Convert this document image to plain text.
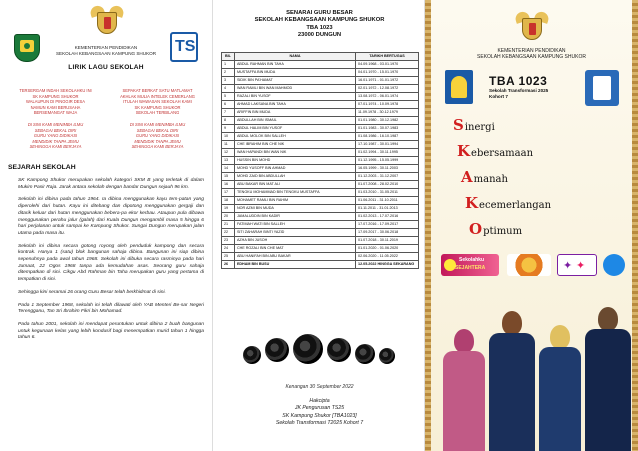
TS
KEMENTERIAN PENDIDIKAN
SEKOLAH KEBANGSAAN KAMPUNG SHUKOR
LIRIK LAGU SEKOLAH
TERSERGAM INDAH SEKOLAHKU INI
SK KAMPUNG SHUKOR
WALAUPUN DI PINGGIR DESA
NAMUN KAMI BERUSAHA
BERSEMANGAT WAJA
DI SINI KAMI MENIMBA ILMU
SEBAGAI BEKAL DIRI
GURU YANG DIDIKASI
MENDIDIK TANPA JEMU
SEHINGGA KAMI BERJAYA
SEPAKAT BERKAT SATU MATLAMAT
AKHLAK MULIA INTELEK CEMERLANG
ITULAH WAWASAN SEKOLAH KAMI
SK KAMPUNG SHUKOR
SEKOLAH TERBILANG
DI SINI KAMI MENIMBA ILMU
SEBAGAI BEKAL DIRI
GURU YANG DIDIKASI
MENDIDIK TANPA JEMU
SEHINGGA KAMI BERJAYA
SEJARAH SEKOLAH

SK Kampong Shukor merupakan sekolah kategori SKM B yang terletak di dalam Mukim Pasir Raja. Jarak antara sekolah dengan bandar Dungun sejauh 96 km.

Sekolah ini dibina pada tahun 1964. Ia dibina menggunakan kayu tem-patan yang diperolehi dari hutan. Kayu ini ditebang dan dipotong menggunakan gergaji dan ditarik keluar dari hutan menggunakan bebera-pa ekor kerbau. Ataupun pula dibawa menggunakan perahu jalur (galah) dari Kuala Dungun mengambil masa 5 hingga 6 hari perjalanan untuk sampai ke Kampung Shukor. Sungai Dungun merupakan jalan utama pada masa itu.

Sekolah ini dibina secara gotong royong oleh penduduk kampong dan secara kontrak. Hanya 1 (satu) blok bangunan sahaja dibina. Bangunan ini siap dibina sepenuhnya pada awal tahun 1968. Sekolah ini dibuka secara rasminya pada hari Jumaat, 22 Ogos 1968 tanpa ada kemudahan asas. Seorang guru sahaja ditempatkan di sini. Cikgu Abd Rahman bin Taha merupakan guru yang pertama di tempatkan di sini.

Sehingga kini seramai 26 orang Guru Besar telah berkhidmat di sini.

Pada 1 September 1968, sekolah ini telah dilawati oleh YAB Menteri Be-sar Negeri Terengganu, Tan Sri Ibrahim Fikri bin Mohamad.

Pada tahun 2001, sekolah ini mendapat peruntukan untuk dibina 2 buah bangunan untuk kegunaan kelas yang lebih kondusif bagi menempatkan murid tahun 1 hingga tahun 6.

SENARAI GURU BESAR
SEKOLAH KEBANGSAAN KAMPUNG SHUKOR
TBA 1023
23000 DUNGUN
BIL	NAMA	TARIKH BERTUGAS
1	ABDUL RAHMAN BIN TAHA	04.09.1968 - 03.01.1970
2	MUSTAFFA BIN MUDA	04.01.1970 - 15.01.1970
3	SIDIK BIN PA'HAMAT	16.01.1971 - 01.01.1972
4	WAN RAMLI BIN WAN MAHMOD	02.01.1972 - 12.08.1972
5	RAZALI BIN YUSOF	13.08.1972 - 06.01.1974
6	AHMAD LAKSANA BIN TAHA	07.01.1974 - 10.09.1978
7	ARIFFIN BIN MUDA	11.09.1978 - 30.12.1979
8	ABDULLAH BIN ISMAIL	01.01.1980 - 30.12.1982
9	ABDUL HALIM BIN YUSOF	01.01.1983 - 30.07.1983
10	ABDUL MOLOK BIN SALLEH	01.08.1986 - 16.10.1987
11	CHE IBRAHIM BIN CHE NIK	17.10.1987 - 30.01.1994
12	WAN HAPANDI BIN WAN NIK	01.02.1994 - 30.11.1995
13	HUSSIN BIN MOHD	01.12.1995 - 15.05.1999
14	MOHD YUSOFF BIN AHMAD	16.05.1999 - 30.11.2003
15	MOHD ZAID BIN ABDULLAH	01.12.2003 - 31.12.2007
16	ABU BAKAR BIN MAT ALI	01.07.2008 - 28.02.2010
17	TENGKU MOHAMMAD BIN TENGKU MUSTAFFA	01.03.2010 - 31.05.2011
18	MOHAMET RAMLI BIN RAHIM	01.06.2011 - 31.10.2011
19	NOR AZMI BIN MUDA	01.11.2011 - 31.01.2013
20	JAMALUDDIN BIN KADIR	01.02.2013 - 17.07.2016
21	FATIMAH WATI BIN SALLEH	17.07.2016 - 17.09.2017
22	SITI ZAHARAH BINTI YAZID	17.09.2017 - 30.06.2018
23	AZHA BIN JUSOH	01.07.2018 - 30.11.2019
24	CHE ROZALI BIN CHE MAT	01.01.2020 - 01.06.2020
25	ABU HANIFAH BIN ABU BAKAR	02.06.2020 - 11.05.2022
26	EDHAM BIN BUSU	12.05.2022 HINGGA SEKARANG
Kenangan 30 September 2022
Hakcipta
JK Pengurusan TS25
SK Kampung Shukor [TBA1023]
Sekolah Transformasi T2025 Kohort 7
KEMENTERIAN PENDIDIKAN
SEKOLAH KEBANGSAAN KAMPUNG SHUKOR
TBA 1023
Sekolah Transformasi 2025
Kohort 7
Sinergi
Kebersamaan
Amanah
Kecemerlangan
Optimum
Sekolahku
SEJAHTERA	✦ ✦
